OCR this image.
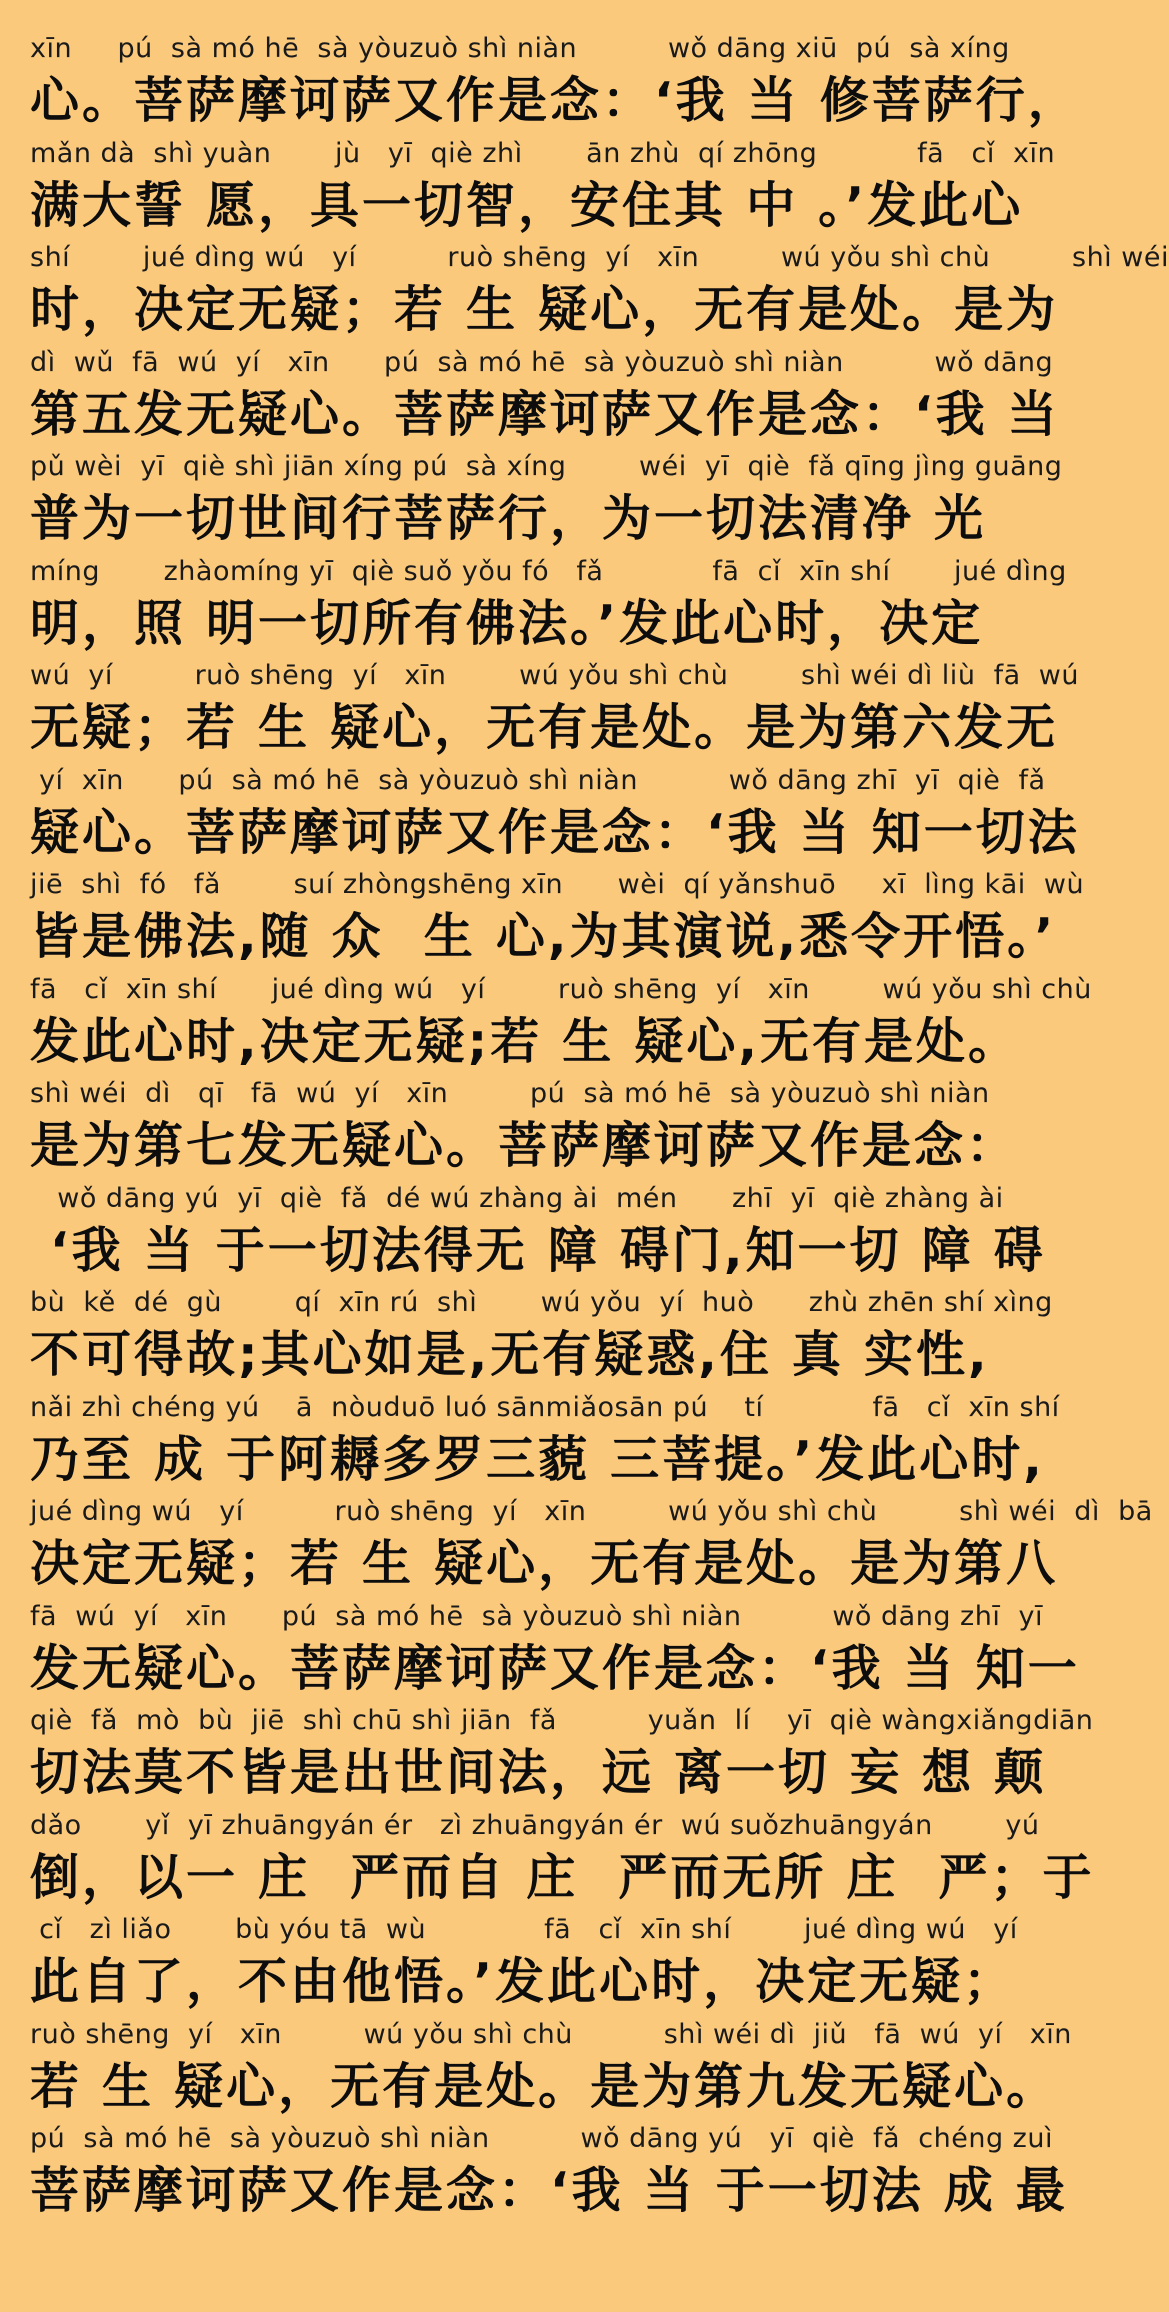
xīn     pú  sà mó hē  sà yòuzuò shì niàn          wǒ dāng xiū  pú  sà xíng
心。菩萨摩诃萨又作是念：‘我 当 修菩萨行，
mǎn dà  shì yuàn       jù   yī  qiè zhì       ān zhù  qí zhōng           fā   cǐ  xīn
满大誓 愿，具一切智，安住其 中 。’发此心
shí        jué dìng wú   yí          ruò shēng  yí   xīn         wú yǒu shì chù         shì wéi
时，决定无疑；若 生 疑心，无有是处。是为
dì  wǔ  fā  wú  yí   xīn      pú  sà mó hē  sà yòuzuò shì niàn          wǒ dāng
第五发无疑心。菩萨摩诃萨又作是念：‘我 当
pǔ wèi  yī  qiè shì jiān xíng pú  sà xíng        wéi  yī  qiè  fǎ qīng jìng guāng
普为一切世间行菩萨行，为一切法清净 光
míng       zhàomíng yī  qiè suǒ yǒu fó   fǎ            fā  cǐ  xīn shí       jué dìng
明，照 明一切所有佛法。’发此心时，决定
wú  yí         ruò shēng  yí   xīn        wú yǒu shì chù        shì wéi dì liù  fā  wú
无疑；若 生 疑心，无有是处。是为第六发无
yí  xīn      pú  sà mó hē  sà yòuzuò shì niàn          wǒ dāng zhī  yī  qiè  fǎ
疑心。菩萨摩诃萨又作是念：‘我 当 知一切法
jiē  shì  fó   fǎ        suí zhòngshēng xīn      wèi  qí yǎnshuō     xī  lìng kāi  wù
皆是佛法,随 众  生 心,为其演说,悉令开悟。’
fā   cǐ  xīn shí      jué dìng wú   yí        ruò shēng  yí   xīn        wú yǒu shì chù
发此心时,决定无疑;若 生 疑心,无有是处。
shì wéi  dì   qī   fā  wú  yí   xīn         pú  sà mó hē  sà yòuzuò shì niàn
是为第七发无疑心。菩萨摩诃萨又作是念：
wǒ dāng yú  yī  qiè  fǎ  dé wú zhàng ài  mén      zhī  yī  qiè zhàng ài
‘我 当 于一切法得无 障 碍门,知一切 障 碍
bù  kě  dé  gù        qí  xīn rú  shì       wú yǒu  yí  huò      zhù zhēn shí xìng
不可得故;其心如是,无有疑惑,住 真 实性,
nǎi zhì chéng yú    ā  nòuduō luó sānmiǎosān pú    tí            fā   cǐ  xīn shí
乃至 成 于阿耨多罗三藐 三菩提。’发此心时,
jué dìng wú   yí          ruò shēng  yí   xīn         wú yǒu shì chù         shì wéi  dì  bā
决定无疑；若 生 疑心，无有是处。是为第八
fā  wú  yí   xīn      pú  sà mó hē  sà yòuzuò shì niàn          wǒ dāng zhī  yī
发无疑心。菩萨摩诃萨又作是念：‘我 当 知一
qiè  fǎ  mò  bù  jiē  shì chū shì jiān  fǎ          yuǎn  lí    yī  qiè wàngxiǎngdiān
切法莫不皆是出世间法，远 离一切 妄 想 颠
dǎo       yǐ  yī zhuāngyán ér   zì zhuāngyán ér  wú suǒzhuāngyán        yú
倒，以一 庄  严而自 庄  严而无所 庄  严；于
cǐ   zì liǎo       bù yóu tā  wù             fā   cǐ  xīn shí        jué dìng wú   yí
此自了，不由他悟。’发此心时，决定无疑；
ruò shēng  yí   xīn         wú yǒu shì chù          shì wéi dì  jiǔ   fā  wú  yí   xīn
若 生 疑心，无有是处。是为第九发无疑心。
pú  sà mó hē  sà yòuzuò shì niàn          wǒ dāng yú   yī  qiè  fǎ  chéng zuì
菩萨摩诃萨又作是念：‘我 当 于一切法 成 最
